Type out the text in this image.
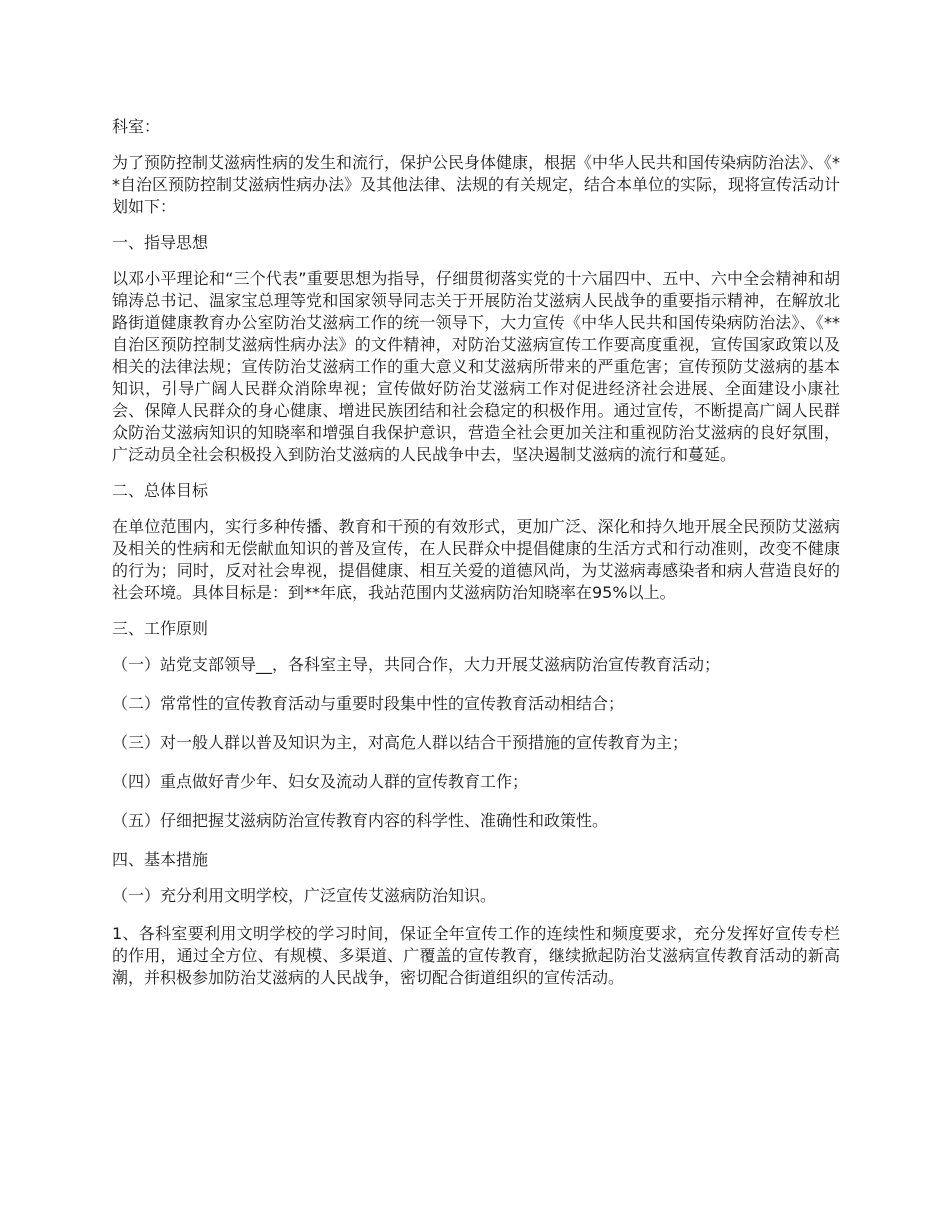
科室：

为了预防控制艾滋病性病的发生和流行，保护公民身体健康，根据《中华人民共和国传染病防治法》、《**自治区预防控制艾滋病性病办法》及其他法律、法规的有关规定，结合本单位的实际，现将宣传活动计划如下：

一、指导思想

以邓小平理论和“三个代表”重要思想为指导，仔细贯彻落实党的十六届四中、五中、六中全会精神和胡锦涛总书记、温家宝总理等党和国家领导同志关于开展防治艾滋病人民战争的重要指示精神，在解放北路街道健康教育办公室防治艾滋病工作的统一领导下，大力宣传《中华人民共和国传染病防治法》、《**自治区预防控制艾滋病性病办法》的文件精神，对防治艾滋病宣传工作要高度重视，宣传国家政策以及相关的法律法规；宣传防治艾滋病工作的重大意义和艾滋病所带来的严重危害；宣传预防艾滋病的基本知识，引导广阔人民群众消除卑视；宣传做好防治艾滋病工作对促进经济社会进展、全面建设小康社会、保障人民群众的身心健康、增进民族团结和社会稳定的积极作用。通过宣传，不断提高广阔人民群众防治艾滋病知识的知晓率和增强自我保护意识，营造全社会更加关注和重视防治艾滋病的良好氛围，广泛动员全社会积极投入到防治艾滋病的人民战争中去，坚决遏制艾滋病的流行和蔓延。

二、总体目标

在单位范围内，实行多种传播、教育和干预的有效形式，更加广泛、深化和持久地开展全民预防艾滋病及相关的性病和无偿献血知识的普及宣传，在人民群众中提倡健康的生活方式和行动准则，改变不健康的行为；同时，反对社会卑视，提倡健康、相互关爱的道德风尚，为艾滋病毒感染者和病人营造良好的社会环境。具体目标是：到**年底，我站范围内艾滋病防治知晓率在95%以上。

三、工作原则

（一）站党支部领导__，各科室主导，共同合作，大力开展艾滋病防治宣传教育活动；

（二）常常性的宣传教育活动与重要时段集中性的宣传教育活动相结合；

（三）对一般人群以普及知识为主，对高危人群以结合干预措施的宣传教育为主；

（四）重点做好青少年、妇女及流动人群的宣传教育工作；

（五）仔细把握艾滋病防治宣传教育内容的科学性、准确性和政策性。

四、基本措施

（一）充分利用文明学校，广泛宣传艾滋病防治知识。

1、各科室要利用文明学校的学习时间，保证全年宣传工作的连续性和频度要求，充分发挥好宣传专栏的作用，通过全方位、有规模、多渠道、广覆盖的宣传教育，继续掀起防治艾滋病宣传教育活动的新高潮，并积极参加防治艾滋病的人民战争，密切配合街道组织的宣传活动。
